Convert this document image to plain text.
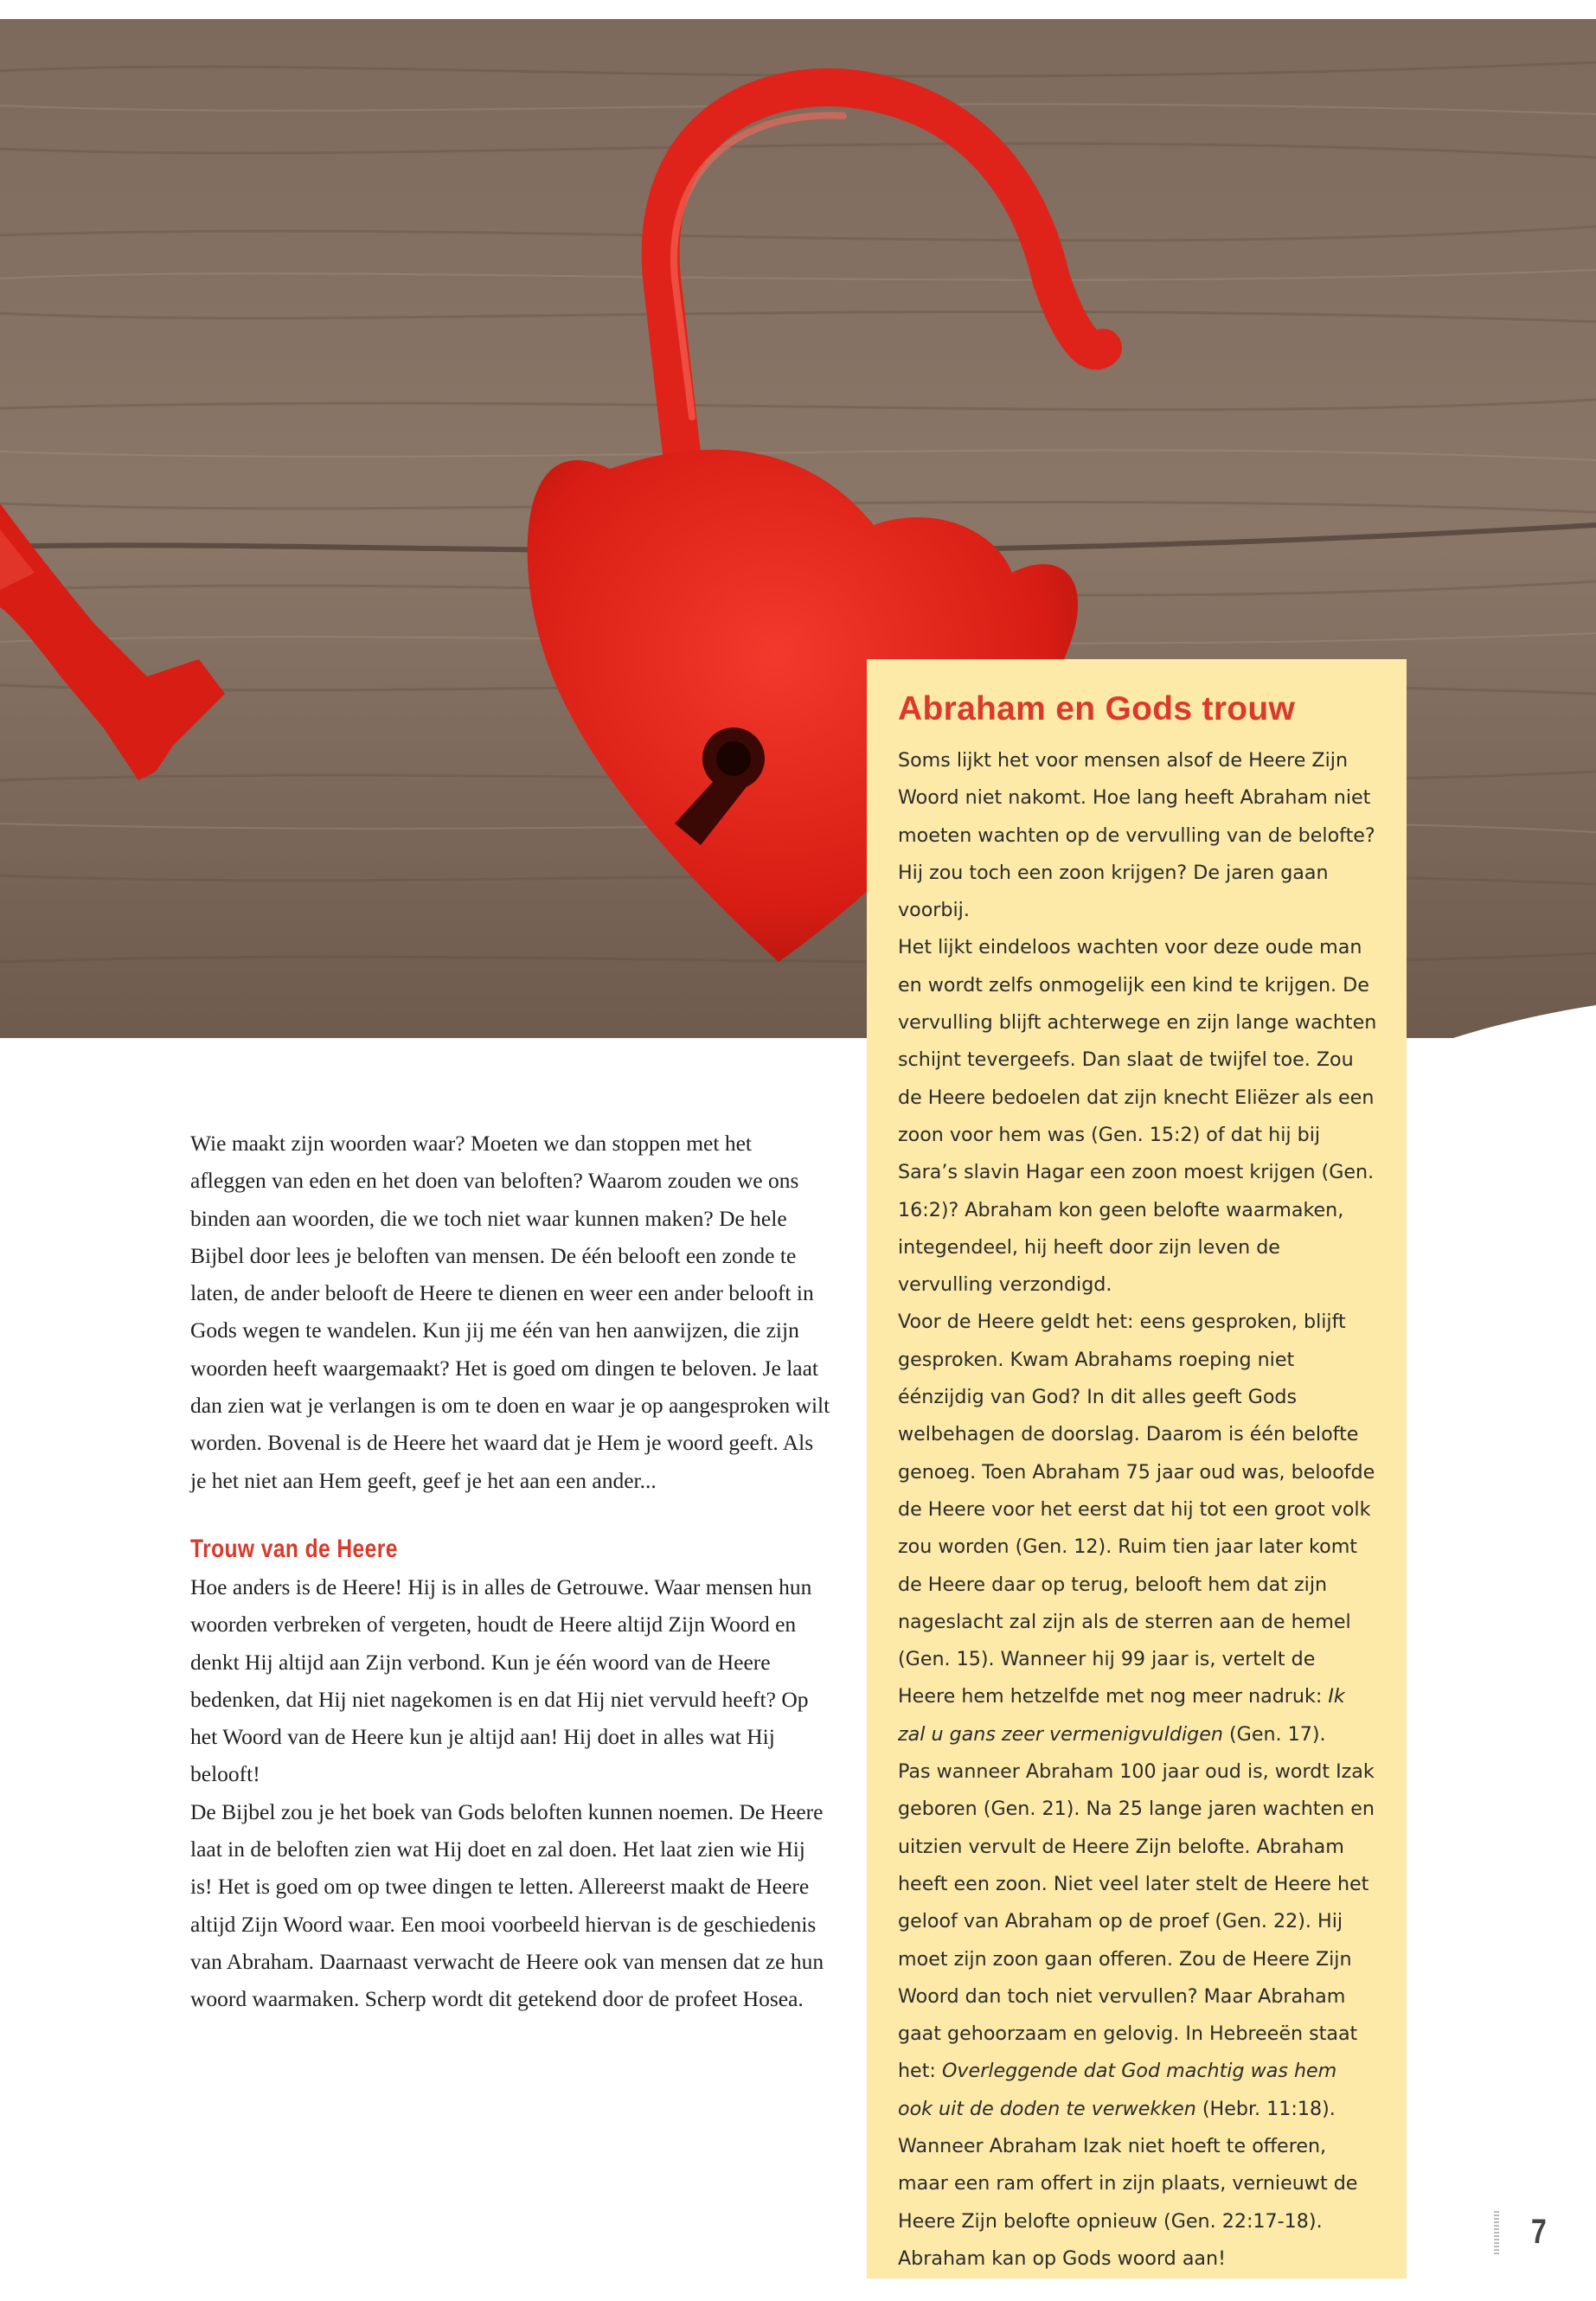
Wie maakt zijn woorden waar? Moeten we dan stoppen met het afleggen van eden en het doen van beloften? Waarom zouden we ons binden aan woorden, die we toch niet waar kunnen maken? De hele Bijbel door lees je beloften van mensen. De één belooft een zonde te laten, de ander belooft de Heere te dienen en weer een ander belooft in Gods wegen te wandelen. Kun jij me één van hen aanwijzen, die zijn woorden heeft waargemaakt? Het is goed om dingen te beloven. Je laat dan zien wat je verlangen is om te doen en waar je op aangesproken wilt worden. Bovenal is de Heere het waard dat je Hem je woord geeft. Als je het niet aan Hem geeft, geef je het aan een ander...

Trouw van de Heere

Hoe anders is de Heere! Hij is in alles de Getrouwe. Waar mensen hun woorden verbreken of vergeten, houdt de Heere altijd Zijn Woord en denkt Hij altijd aan Zijn verbond. Kun je één woord van de Heere bedenken, dat Hij niet nagekomen is en dat Hij niet vervuld heeft? Op het Woord van de Heere kun je altijd aan! Hij doet in alles wat Hij belooft!

De Bijbel zou je het boek van Gods beloften kunnen noemen. De Heere laat in de beloften zien wat Hij doet en zal doen. Het laat zien wie Hij is! Het is goed om op twee dingen te letten. Allereerst maakt de Heere altijd Zijn Woord waar. Een mooi voorbeeld hiervan is de geschiedenis van Abraham. Daarnaast verwacht de Heere ook van mensen dat ze hun woord waarmaken. Scherp wordt dit getekend door de profeet Hosea.

Abraham en Gods trouw

Soms lijkt het voor mensen alsof de Heere Zijn Woord niet nakomt. Hoe lang heeft Abraham niet moeten wachten op de vervulling van de belofte? Hij zou toch een zoon krijgen? De jaren gaan voorbij.

Het lijkt eindeloos wachten voor deze oude man en wordt zelfs onmogelijk een kind te krijgen. De vervulling blijft achterwege en zijn lange wachten schijnt tevergeefs. Dan slaat de twijfel toe. Zou de Heere bedoelen dat zijn knecht Eliëzer als een zoon voor hem was (Gen. 15:2) of dat hij bij Sara’s slavin Hagar een zoon moest krijgen (Gen. 16:2)? Abraham kon geen belofte waarmaken, integendeel, hij heeft door zijn leven de vervulling verzondigd.

Voor de Heere geldt het: eens gesproken, blijft gesproken. Kwam Abrahams roeping niet éénzijdig van God? In dit alles geeft Gods welbehagen de doorslag. Daarom is één belofte genoeg. Toen Abraham 75 jaar oud was, beloofde de Heere voor het eerst dat hij tot een groot volk zou worden (Gen. 12). Ruim tien jaar later komt de Heere daar op terug, belooft hem dat zijn nageslacht zal zijn als de sterren aan de hemel (Gen. 15). Wanneer hij 99 jaar is, vertelt de Heere hem hetzelfde met nog meer nadruk: Ik zal u gans zeer vermenigvuldigen (Gen. 17).

Pas wanneer Abraham 100 jaar oud is, wordt Izak geboren (Gen. 21). Na 25 lange jaren wachten en uitzien vervult de Heere Zijn belofte. Abraham heeft een zoon. Niet veel later stelt de Heere het geloof van Abraham op de proef (Gen. 22). Hij moet zijn zoon gaan offeren. Zou de Heere Zijn Woord dan toch niet vervullen? Maar Abraham gaat gehoorzaam en gelovig. In Hebreeën staat het: Overleggende dat God machtig was hem ook uit de doden te verwekken (Hebr. 11:18). Wanneer Abraham Izak niet hoeft te offeren, maar een ram offert in zijn plaats, vernieuwt de Heere Zijn belofte opnieuw (Gen. 22:17-18). Abraham kan op Gods woord aan!

7
